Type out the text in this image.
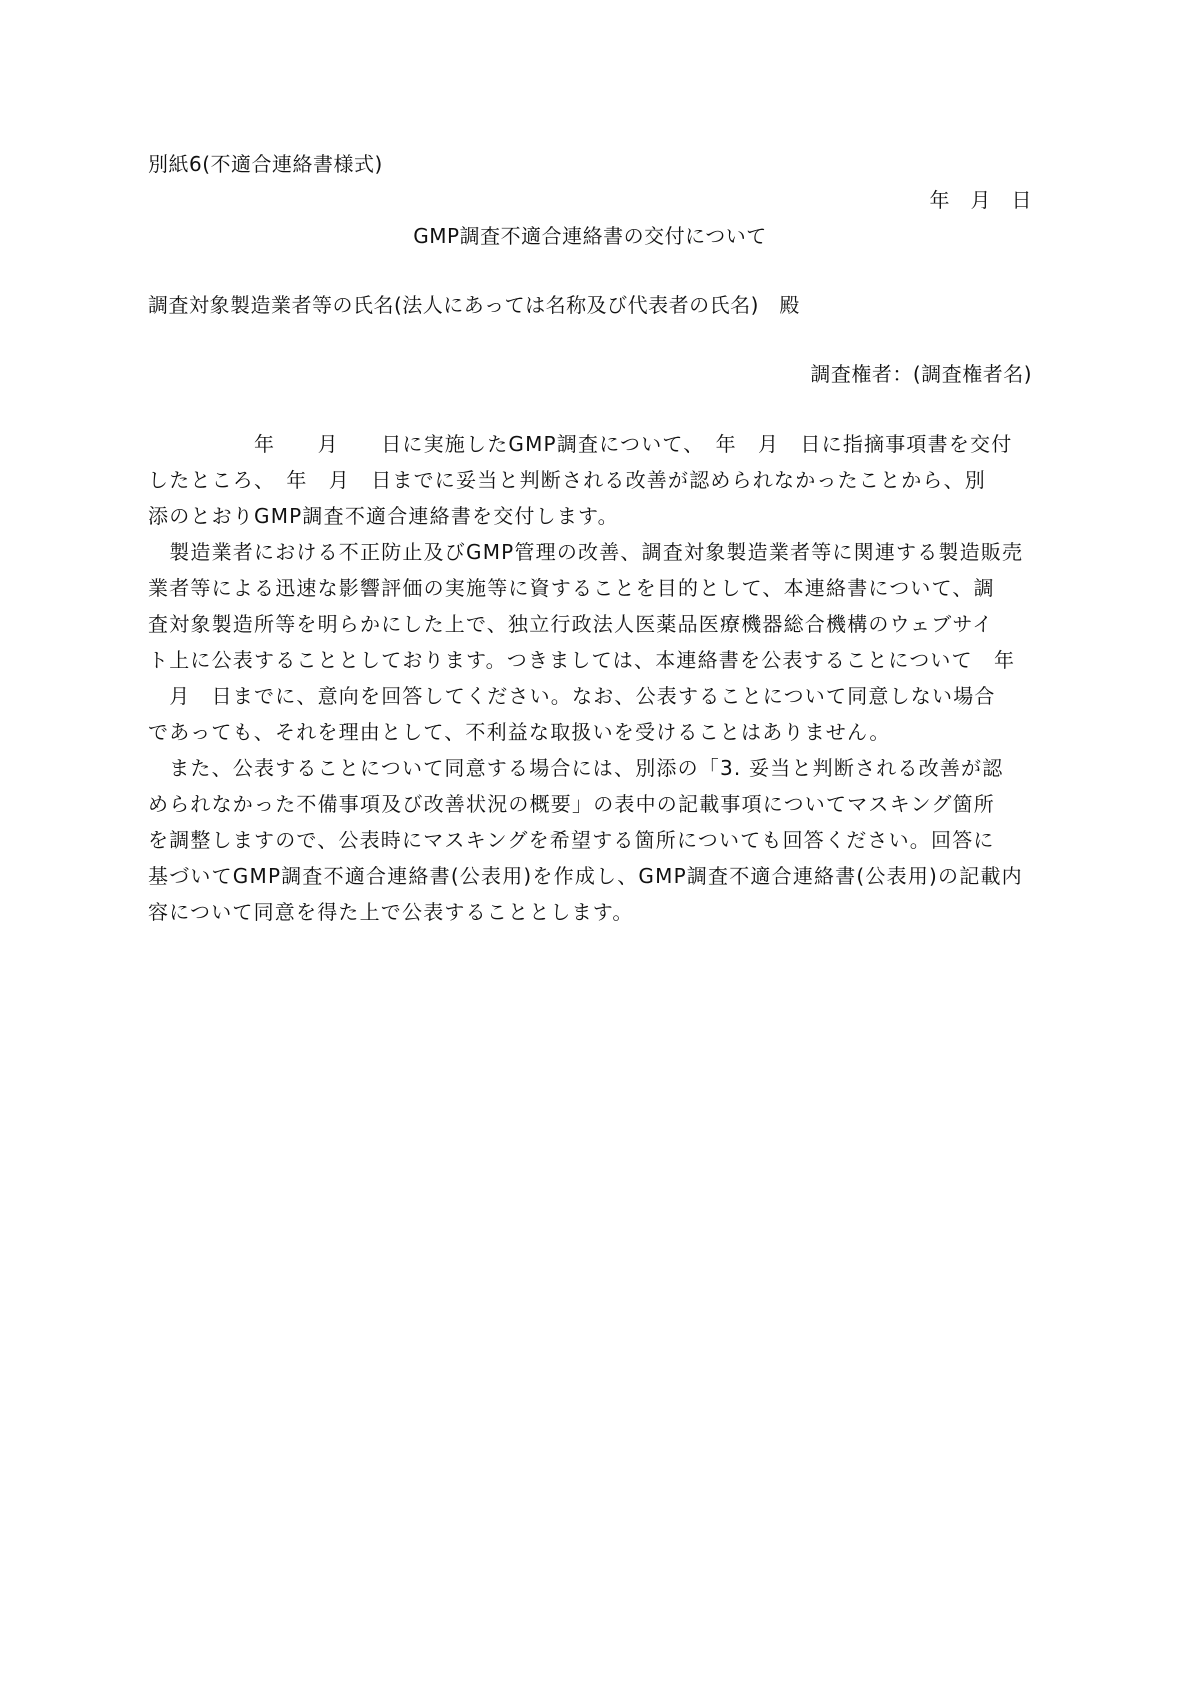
別紙6(不適合連絡書様式)
年　月　日
GMP調査不適合連絡書の交付について
調査対象製造業者等の氏名(法人にあっては名称及び代表者の氏名)　殿
調査権者：(調査権者名)
　　　　　年　　月　　日に実施したGMP調査について、　年　月　日に指摘事項書を交付
したところ、　年　月　日までに妥当と判断される改善が認められなかったことから、別
添のとおりGMP調査不適合連絡書を交付します。
　製造業者における不正防止及びGMP管理の改善、調査対象製造業者等に関連する製造販売
業者等による迅速な影響評価の実施等に資することを目的として、本連絡書について、調
査対象製造所等を明らかにした上で、独立行政法人医薬品医療機器総合機構のウェブサイ
ト上に公表することとしております。つきましては、本連絡書を公表することについて　年
　月　日までに、意向を回答してください。なお、公表することについて同意しない場合
であっても、それを理由として、不利益な取扱いを受けることはありません。
　また、公表することについて同意する場合には、別添の「3. 妥当と判断される改善が認
められなかった不備事項及び改善状況の概要」の表中の記載事項についてマスキング箇所
を調整しますので、公表時にマスキングを希望する箇所についても回答ください。回答に
基づいてGMP調査不適合連絡書(公表用)を作成し、GMP調査不適合連絡書(公表用)の記載内
容について同意を得た上で公表することとします。
